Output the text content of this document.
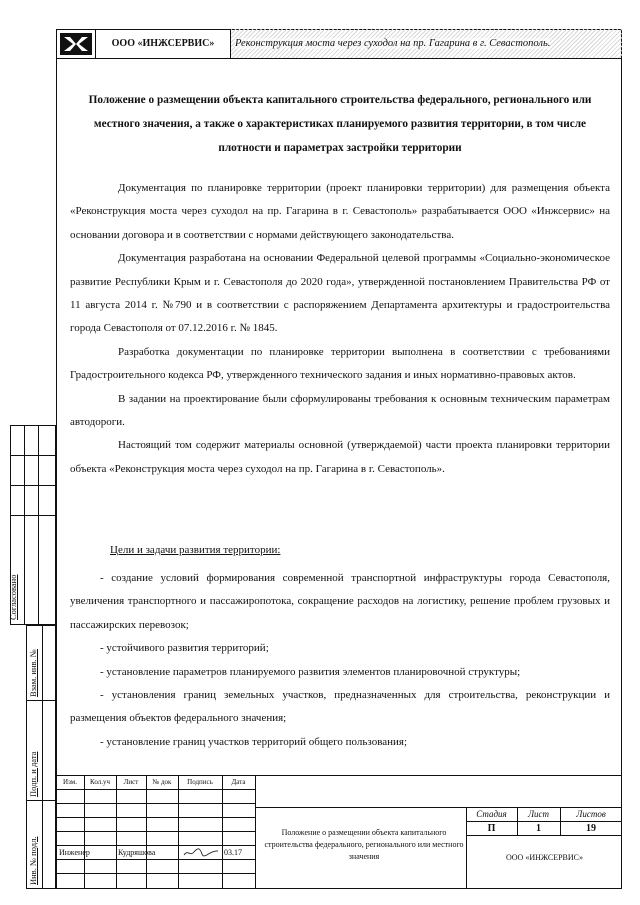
ООО «ИНЖСЕРВИС»	Реконструкция моста через суходол на пр. Гагарина в г. Севастополь.
Положение о размещении объекта капитального строительства федерального, регионального или местного значения, а также о характеристиках планируемого развития территории, в том числе плотности и параметрах застройки территории

Документация по планировке территории (проект планировки территории) для размещения объекта «Реконструкция моста через суходол на пр. Гагарина в г. Севастополь» разрабатывается ООО «Инжсервис» на основании договора и в соответствии с нормами действующего законодательства.

Документация разработана на основании Федеральной целевой программы «Социально-экономическое развитие Республики Крым и г. Севастополя до 2020 года», утвержденной постановлением Правительства РФ от 11 августа 2014 г. №790 и в соответствии с распоряжением Департамента архитектуры и градостроительства города Севастополя от 07.12.2016 г. № 1845.

Разработка документации по планировке территории выполнена в соответствии с требованиями Градостроительного кодекса РФ, утвержденного технического задания и иных нормативно-правовых актов.

В задании на проектирование были сформулированы требования к основным техническим параметрам автодороги.

Настоящий том содержит материалы основной (утверждаемой) части проекта планировки территории объекта «Реконструкция моста через суходол на пр. Гагарина в г. Севастополь».

Цели и задачи развития территории:

- создание условий формирования современной транспортной инфраструктуры города Севастополя, увеличения транспортного и пассажиропотока, сокращение расходов на логистику, решение проблем грузовых и пассажирских перевозок;

- устойчивого развития территорий;

- установление параметров планируемого развития элементов планировочной структуры;

- установления границ земельных участков, предназначенных для строительства, реконструкции и размещения объектов федерального значения;

- установление границ участков территорий общего пользования;

Согласовано
Взам. инв. №
Подп. и дата
Инв. № подл.
Изм.	Кол.уч	Лист	№ док	Подпись	Дата
Инженер	Кудряшова	03.17
Положение о размещении объекта капитального строительства федерального, регионального или местного значения
Стадия	Лист	Листов
П	1	19
ООО «ИНЖСЕРВИС»
